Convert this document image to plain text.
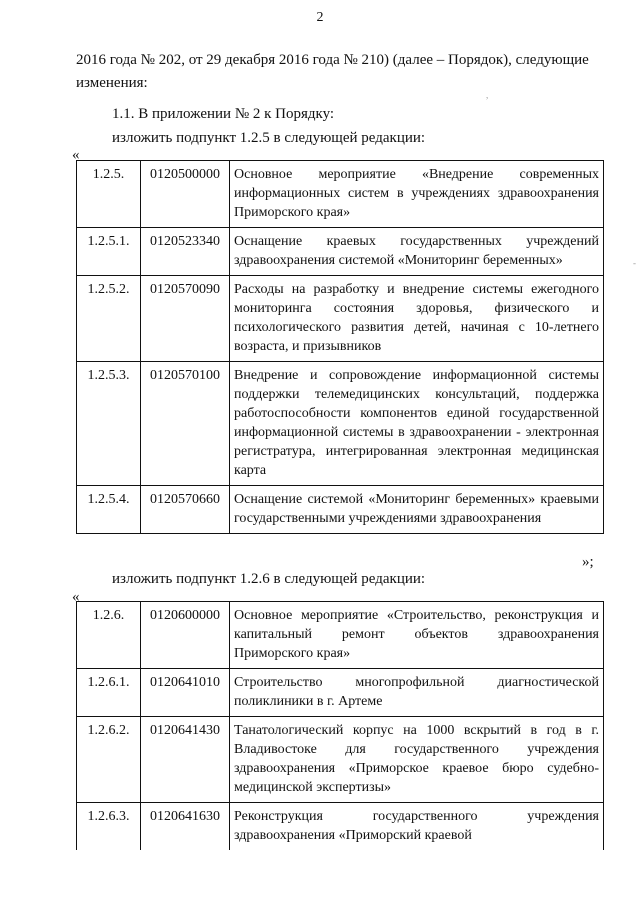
2
2016 года № 202, от 29 декабря 2016 года № 210) (далее – Порядок), следующие
изменения:
1.1. В приложении № 2 к Порядку:
изложить подпункт 1.2.5 в следующей редакции:
«
1.2.5.	0120500000	Основное мероприятие «Внедрение современных информационных систем в учреждениях здравоохранения Приморского края»
1.2.5.1.	0120523340	Оснащение краевых государственных учреждений здравоохранения системой «Мониторинг беременных»
1.2.5.2.	0120570090	Расходы на разработку и внедрение системы ежегодного мониторинга состояния здоровья, физического и психологического развития детей, начиная с 10-летнего возраста, и призывников
1.2.5.3.	0120570100	Внедрение и сопровождение информационной системы поддержки телемедицинских консультаций, поддержка работоспособности компонентов единой государственной информационной системы в здравоохранении - электронная регистратура, интегрированная электронная медицинская карта
1.2.5.4.	0120570660	Оснащение системой «Мониторинг беременных» краевыми государственными учреждениями здравоохранения
»;
изложить подпункт 1.2.6 в следующей редакции:
«
1.2.6.	0120600000	Основное мероприятие «Строительство, реконструкция и капитальный ремонт объектов здравоохранения Приморского края»
1.2.6.1.	0120641010	Строительство многопрофильной диагностической поликлиники в г. Артеме
1.2.6.2.	0120641430	Танатологический корпус на 1000 вскрытий в год в г. Владивостоке для государственного учреждения здравоохранения «Приморское краевое бюро судебно-медицинской экспертизы»
1.2.6.3.	0120641630	Реконструкция государственного учреждения здравоохранения «Приморский краевой
-
,
